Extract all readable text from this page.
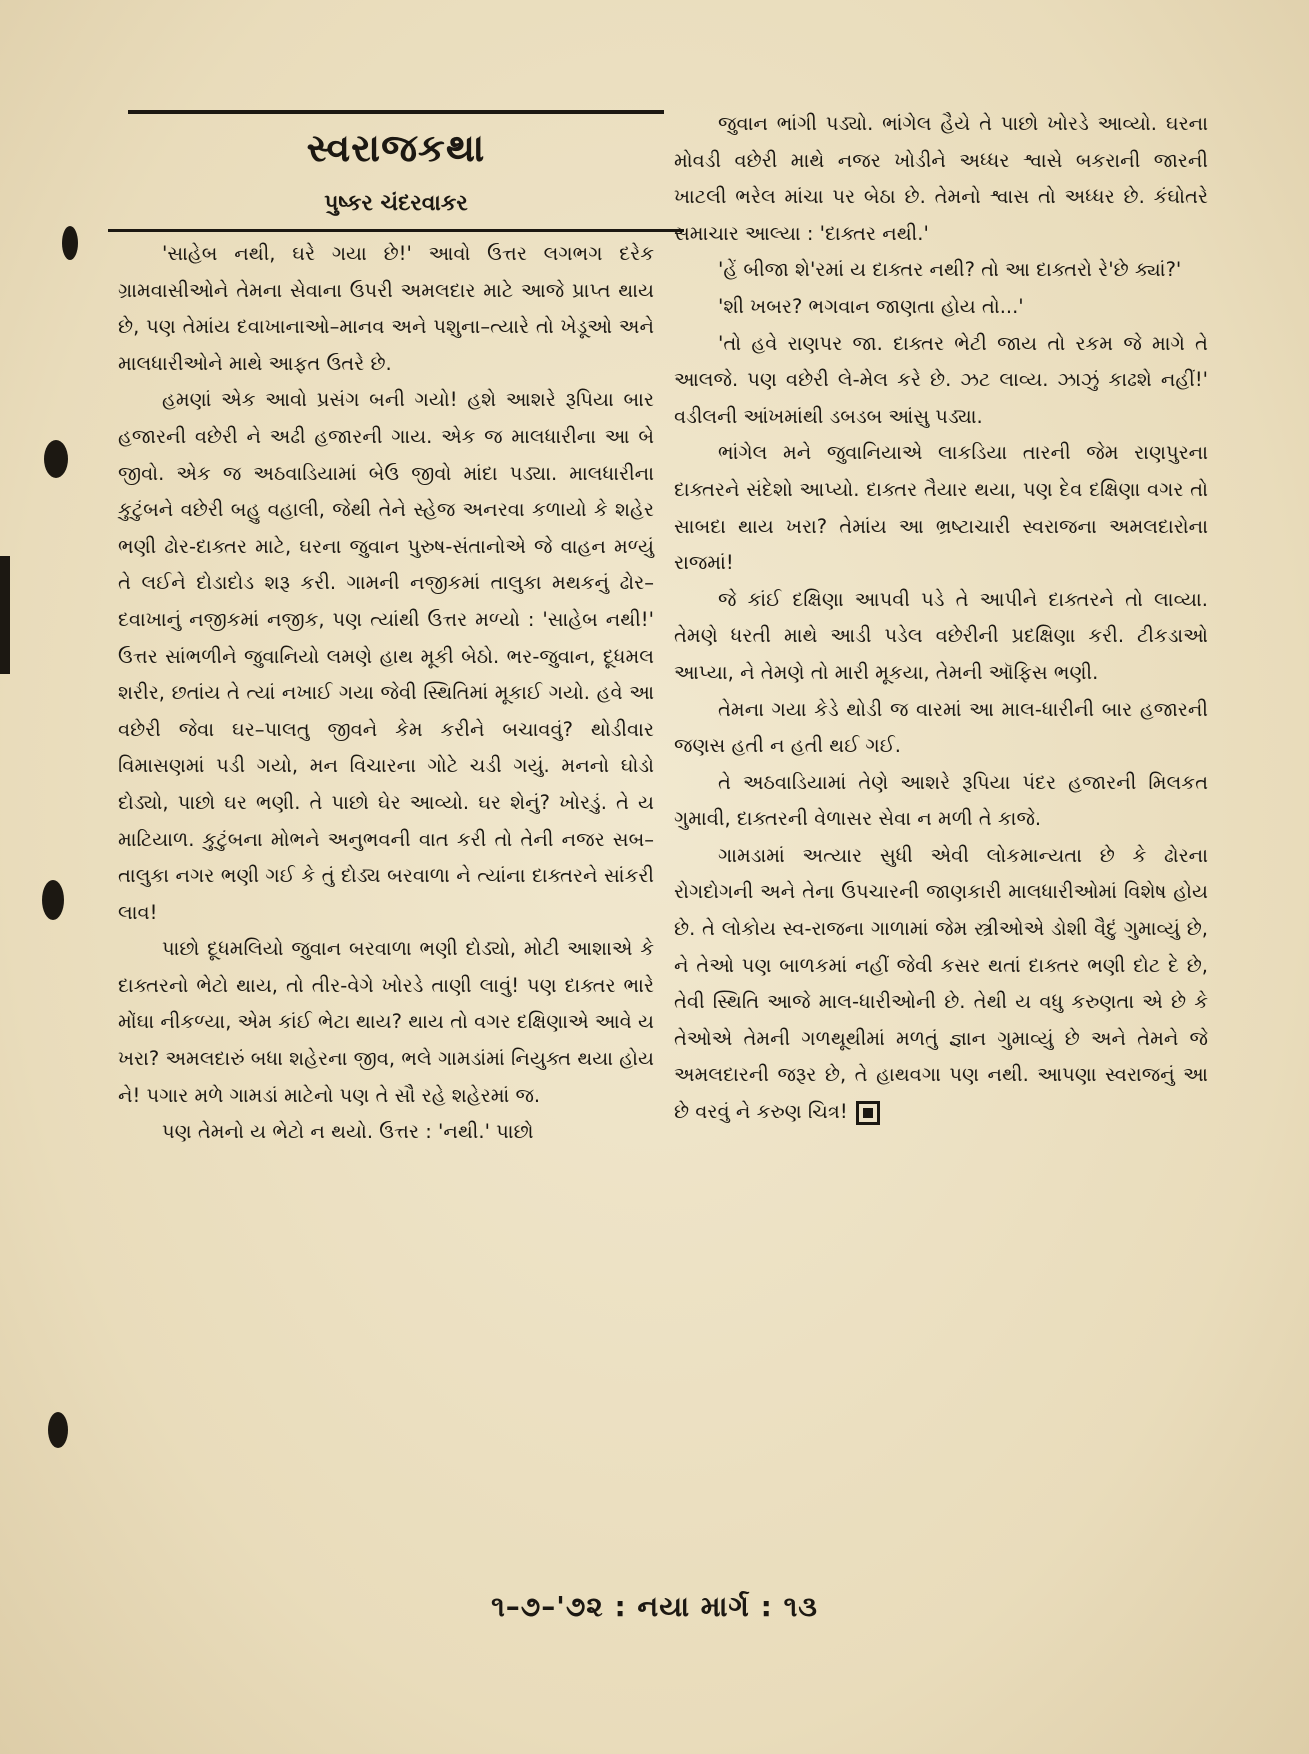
સ્વરાજકથા
પુષ્કર ચંદરવાકર

'સાહેબ નથી, ઘરે ગયા છે!' આવો ઉત્તર લગભગ દરેક ગ્રામવાસીઓને તેમના સેવાના ઉપરી અમલદાર માટે આજે પ્રાપ્ત થાય છે, પણ તેમાંય દવાખાનાઓ–માનવ અને પશુના–ત્યારે તો ખેડૂઓ અને માલધારીઓને માથે આફત ઉતરે છે.

હમણાં એક આવો પ્રસંગ બની ગયો! હશે આશરે રૂપિયા બાર હજારની વછેરી ને અઢી હજારની ગાય. એક જ માલધારીના આ બે જીવો. એક જ અઠવાડિયામાં બેઉ જીવો માંદા પડ્યા. માલધારીના કુટુંબને વછેરી બહુ વહાલી, જેથી તેને સ્હેજ અનરવા કળાયો કે શહેર ભણી ઢોર-દાક્તર માટે, ઘરના જુવાન પુરુષ-સંતાનોએ જે વાહન મળ્યું તે લઈને દોડાદોડ શરૂ કરી. ગામની નજીકમાં તાલુકા મથકનું ઢોર–દવાખાનું નજીકમાં નજીક, પણ ત્યાંથી ઉત્તર મળ્યો : 'સાહેબ નથી!' ઉત્તર સાંભળીને જુવાનિયો લમણે હાથ મૂકી બેઠો. ભર-જુવાન, દૂધમલ શરીર, છતાંય તે ત્યાં નખાઈ ગયા જેવી સ્થિતિમાં મૂકાઈ ગયો. હવે આ વછેરી જેવા ઘર–પાલતુ જીવને કેમ કરીને બચાવવું? થોડીવાર વિમાસણમાં પડી ગયો, મન વિચારના ગોટે ચડી ગયું. મનનો ઘોડો દોડ્યો, પાછો ઘર ભણી. તે પાછો ઘેર આવ્યો. ઘર શેનું? ખોરડું. તે ય માટિયાળ. કુટુંબના મોભને અનુભવની વાત કરી તો તેની નજર સબ–તાલુકા નગર ભણી ગઈ કે તું દોડ્ય બરવાળા ને ત્યાંના દાક્તરને સાંકરી લાવ!

પાછો દૂધમલિયો જુવાન બરવાળા ભણી દોડ્યો, મોટી આશાએ કે દાક્તરનો ભેટો થાય, તો તીર-વેગે ખોરડે તાણી લાવું! પણ દાક્તર ભારે મોંઘા નીકળ્યા, એમ કાંઈ ભેટા થાય? થાય તો વગર દક્ષિણાએ આવે ય ખરા? અમલદારું બધા શહેરના જીવ, ભલે ગામડાંમાં નિયુક્ત થયા હોય ને! પગાર મળે ગામડાં માટેનો પણ તે સૌ રહે શહેરમાં જ.

પણ તેમનો ય ભેટો ન થયો. ઉત્તર : 'નથી.' પાછો

જુવાન ભાંગી પડ્યો. ભાંગેલ હૈયે તે પાછો ખોરડે આવ્યો. ઘરના મોવડી વછેરી માથે નજર ખોડીને અધ્ધર શ્વાસે બકરાની જારની ખાટલી ભરેલ માંચા પર બેઠા છે. તેમનો શ્વાસ તો અધ્ધર છે. કંઘોતરે સમાચાર આલ્યા : 'દાક્તર નથી.'

'હેં બીજા શે'રમાં ય દાક્તર નથી? તો આ દાક્તરો રે'છે ક્યાં?'

'શી ખબર? ભગવાન જાણતા હોય તો...'

'તો હવે રાણપર જા. દાક્તર ભેટી જાય તો રકમ જે માગે તે આલજે. પણ વછેરી લે-મેલ કરે છે. ઝટ લાવ્ય. ઝાઝું કાઢશે નહીં!' વડીલની આંખમાંથી ડબડબ આંસુ પડ્યા.

ભાંગેલ મને જુવાનિયાએ લાકડિયા તારની જેમ રાણપુરના દાક્તરને સંદેશો આપ્યો. દાક્તર તૈયાર થયા, પણ દેવ દક્ષિણા વગર તો સાબદા થાય ખરા? તેમાંય આ ભ્રષ્ટાચારી સ્વરાજના અમલદારોના રાજમાં!

જે કાંઈ દક્ષિણા આપવી પડે તે આપીને દાક્તરને તો લાવ્યા. તેમણે ધરતી માથે આડી પડેલ વછેરીની પ્રદક્ષિણા કરી. ટીકડાઓ આપ્યા, ને તેમણે તો મારી મૂકયા, તેમની ઑફિસ ભણી.

તેમના ગયા કેડે થોડી જ વારમાં આ માલ-ધારીની બાર હજારની જણસ હતી ન હતી થઈ ગઈ.

તે અઠવાડિયામાં તેણે આશરે રૂપિયા પંદર હજારની મિલકત ગુમાવી, દાક્તરની વેળાસર સેવા ન મળી તે કાજે.

ગામડામાં અત્યાર સુધી એવી લોકમાન્યતા છે કે ઢોરના રોગદોગની અને તેના ઉપચારની જાણકારી માલધારીઓમાં વિશેષ હોય છે. તે લોકોય સ્વ-રાજના ગાળામાં જેમ સ્ત્રીઓએ ડોશી વૈદું ગુમાવ્યું છે, ને તેઓ પણ બાળકમાં નહીં જેવી કસર થતાં દાક્તર ભણી દોટ દે છે, તેવી સ્થિતિ આજે માલ-ધારીઓની છે. તેથી ય વધુ કરુણતા એ છે કે તેઓએ તેમની ગળથૂથીમાં મળતું જ્ઞાન ગુમાવ્યું છે અને તેમને જે અમલદારની જરૂર છે, તે હાથવગા પણ નથી. આપણા સ્વરાજનું આ છે વરવું ને કરુણ ચિત્ર!

૧–૭–'૭૨ : નયા માર્ગ : ૧૩
